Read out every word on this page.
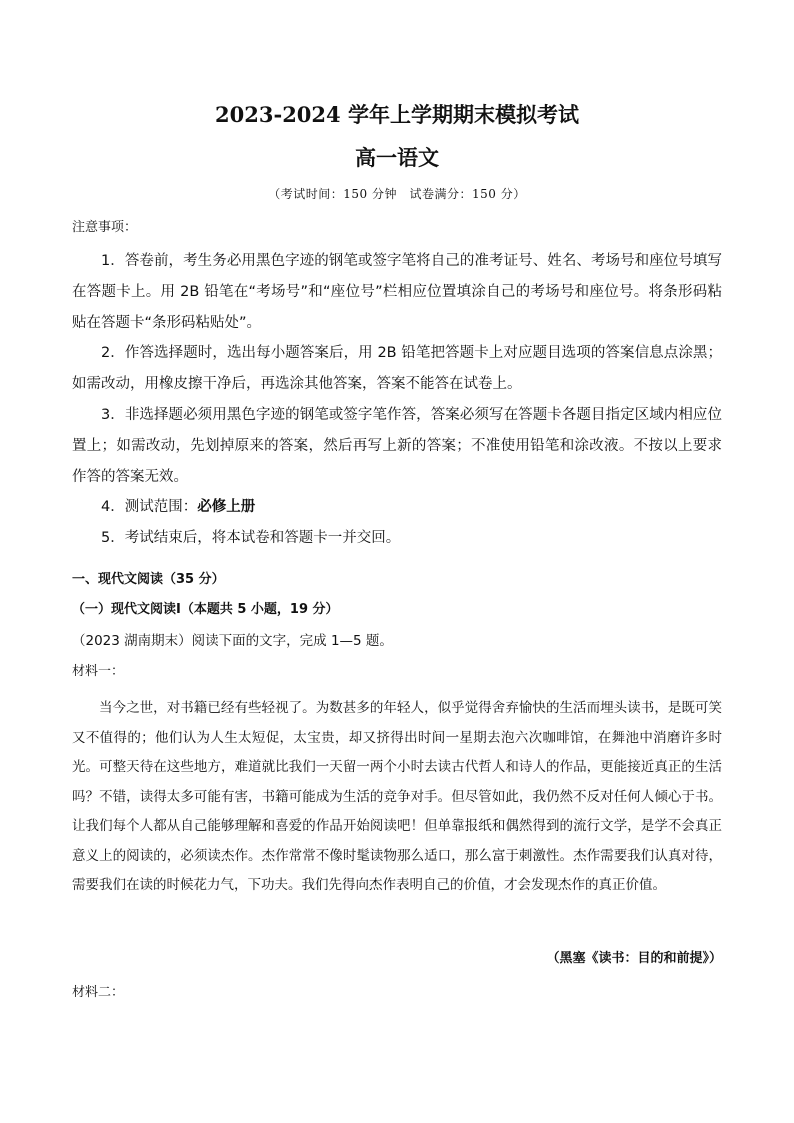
2023-2024 学年上学期期末模拟考试
高一语文
（考试时间：150 分钟　试卷满分：150 分）
注意事项：

1．答卷前，考生务必用黑色字迹的钢笔或签字笔将自己的准考证号、姓名、考场号和座位号填写在答题卡上。用 2B 铅笔在“考场号”和“座位号”栏相应位置填涂自己的考场号和座位号。将条形码粘贴在答题卡“条形码粘贴处”。

2．作答选择题时，选出每小题答案后，用 2B 铅笔把答题卡上对应题目选项的答案信息点涂黑；如需改动，用橡皮擦干净后，再选涂其他答案，答案不能答在试卷上。

3．非选择题必须用黑色字迹的钢笔或签字笔作答，答案必须写在答题卡各题目指定区域内相应位置上；如需改动，先划掉原来的答案，然后再写上新的答案；不准使用铅笔和涂改液。不按以上要求作答的答案无效。

4．测试范围：必修上册

5．考试结束后，将本试卷和答题卡一并交回。

一、现代文阅读（35 分）
（一）现代文阅读Ⅰ（本题共 5 小题，19 分）
（2023 湖南期末）阅读下面的文字，完成 1—5 题。
材料一：

当今之世，对书籍已经有些轻视了。为数甚多的年轻人，似乎觉得舍弃愉快的生活而埋头读书，是既可笑又不值得的；他们认为人生太短促，太宝贵，却又挤得出时间一星期去泡六次咖啡馆，在舞池中消磨许多时光。可整天待在这些地方，难道就比我们一天留一两个小时去读古代哲人和诗人的作品，更能接近真正的生活吗？不错，读得太多可能有害，书籍可能成为生活的竞争对手。但尽管如此，我仍然不反对任何人倾心于书。让我们每个人都从自己能够理解和喜爱的作品开始阅读吧！但单靠报纸和偶然得到的流行文学，是学不会真正意义上的阅读的，必须读杰作。杰作常常不像时髦读物那么适口，那么富于刺激性。杰作需要我们认真对待，需要我们在读的时候花力气，下功夫。我们先得向杰作表明自己的价值，才会发现杰作的真正价值。

（黑塞《读书：目的和前提》）
材料二：
